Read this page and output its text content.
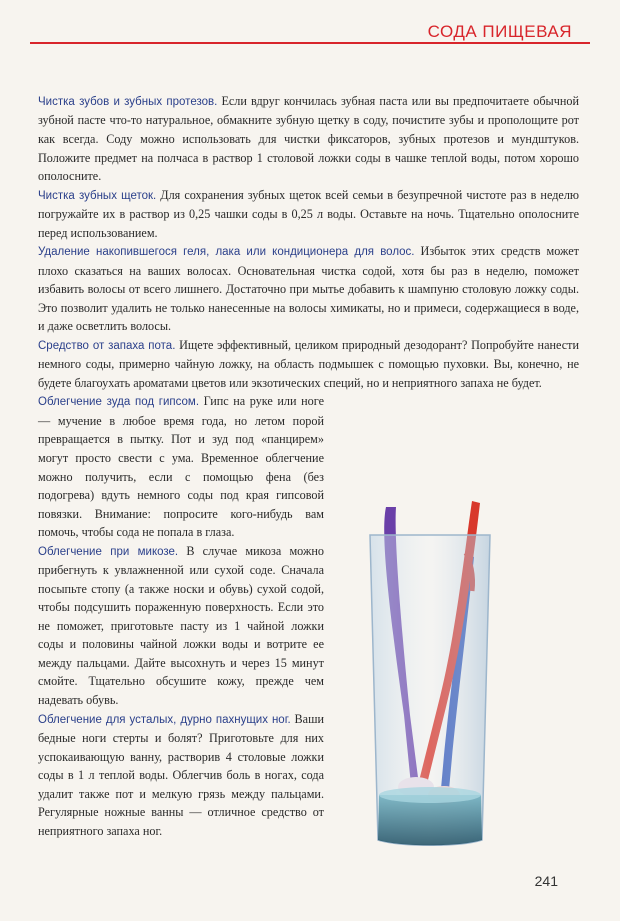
СОДА ПИЩЕВАЯ

Чистка зубов и зубных протезов. Если вдруг кончилась зубная паста или вы предпочитаете обычной зубной пасте что-то натуральное, обмакните зубную щетку в соду, почистите зубы и прополощите рот как всегда. Соду можно использовать для чистки фиксаторов, зубных протезов и мундштуков. Положите предмет на полчаса в раствор 1 столовой ложки соды в чашке теплой воды, потом хорошо ополосните.

Чистка зубных щеток. Для сохранения зубных щеток всей семьи в безупречной чистоте раз в неделю погружайте их в раствор из 0,25 чашки соды в 0,25 л воды. Оставьте на ночь. Тщательно ополосните перед использованием.

Удаление накопившегося геля, лака или кондиционера для волос. Избыток этих средств может плохо сказаться на ваших волосах. Основательная чистка содой, хотя бы раз в неделю, поможет избавить волосы от всего лишнего. Достаточно при мытье добавить к шампуню столовую ложку соды. Это позволит удалить не только нанесенные на волосы химикаты, но и примеси, содержащиеся в воде, и даже осветлить волосы.

Средство от запаха пота. Ищете эффективный, целиком природный дезодорант? Попробуйте нанести немного соды, примерно чайную ложку, на область подмышек с помощью пуховки. Вы, конечно, не будете благоухать ароматами цветов или экзотических специй, но и неприятного запаха не будет.

Облегчение зуда под гипсом. Гипс на руке или ноге — мучение в любое время года, но летом порой превращается в пытку. Пот и зуд под «панцирем» могут просто свести с ума. Временное облегчение можно получить, если с помощью фена (без подогрева) вдуть немного соды под края гипсовой повязки. Внимание: попросите кого-нибудь вам помочь, чтобы сода не попала в глаза.

Облегчение при микозе. В случае микоза можно прибегнуть к увлажненной или сухой соде. Сначала посыпьте стопу (а также носки и обувь) сухой содой, чтобы подсушить пораженную поверхность. Если это не поможет, приготовьте пасту из 1 чайной ложки соды и половины чайной ложки воды и вотрите ее между пальцами. Дайте высохнуть и через 15 минут смойте. Тщательно обсушите кожу, прежде чем надевать обувь.

Облегчение для усталых, дурно пахнущих ног. Ваши бедные ноги стерты и болят? Приготовьте для них успокаивающую ванну, растворив 4 столовые ложки соды в 1 л теплой воды. Облегчив боль в ногах, сода удалит также пот и мелкую грязь между пальцами. Регулярные ножные ванны — отличное средство от неприятного запаха ног.

241
